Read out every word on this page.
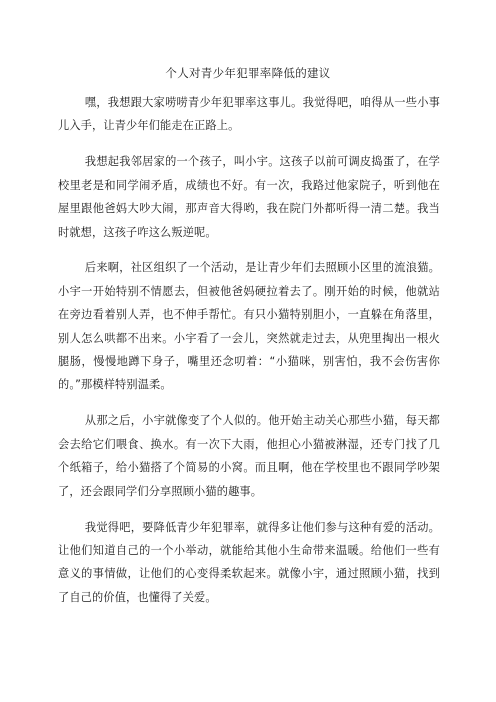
个人对青少年犯罪率降低的建议

嘿，我想跟大家唠唠青少年犯罪率这事儿。我觉得吧，咱得从一些小事儿入手，让青少年们能走在正路上。

我想起我邻居家的一个孩子，叫小宇。这孩子以前可调皮捣蛋了，在学校里老是和同学闹矛盾，成绩也不好。有一次，我路过他家院子，听到他在屋里跟他爸妈大吵大闹，那声音大得哟，我在院门外都听得一清二楚。我当时就想，这孩子咋这么叛逆呢。

后来啊，社区组织了一个活动，是让青少年们去照顾小区里的流浪猫。小宇一开始特别不情愿去，但被他爸妈硬拉着去了。刚开始的时候，他就站在旁边看着别人弄，也不伸手帮忙。有只小猫特别胆小，一直躲在角落里，别人怎么哄都不出来。小宇看了一会儿，突然就走过去，从兜里掏出一根火腿肠，慢慢地蹲下身子，嘴里还念叨着：“小猫咪，别害怕，我不会伤害你的。”那模样特别温柔。

从那之后，小宇就像变了个人似的。他开始主动关心那些小猫，每天都会去给它们喂食、换水。有一次下大雨，他担心小猫被淋湿，还专门找了几个纸箱子，给小猫搭了个简易的小窝。而且啊，他在学校里也不跟同学吵架了，还会跟同学们分享照顾小猫的趣事。

我觉得吧，要降低青少年犯罪率，就得多让他们参与这种有爱的活动。让他们知道自己的一个小举动，就能给其他小生命带来温暖。给他们一些有意义的事情做，让他们的心变得柔软起来。就像小宇，通过照顾小猫，找到了自己的价值，也懂得了关爱。
